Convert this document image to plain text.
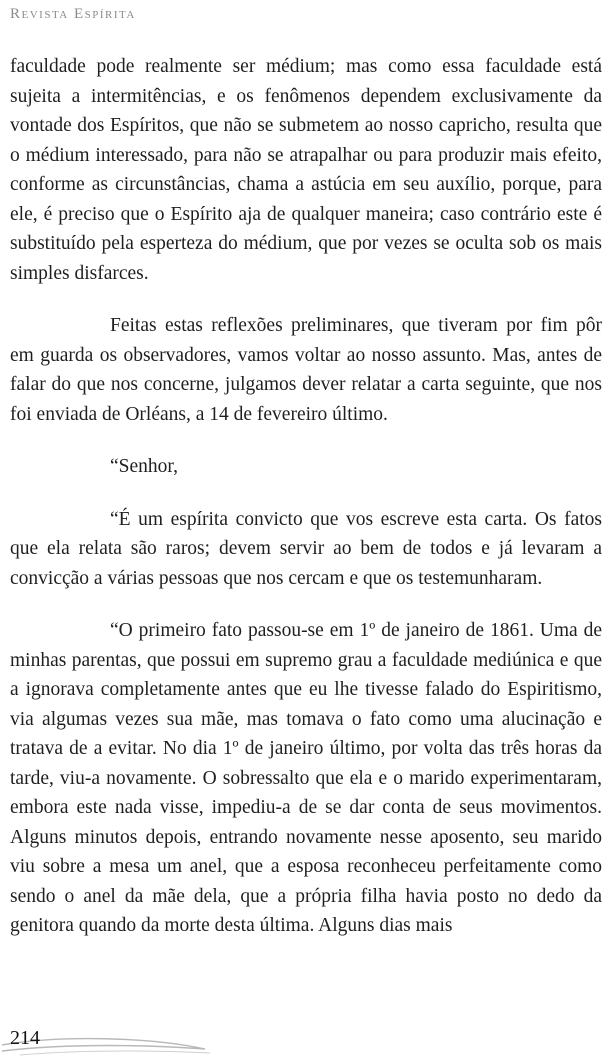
Revista Espírita

faculdade pode realmente ser médium; mas como essa faculdade está sujeita a intermitências, e os fenômenos dependem exclusivamente da vontade dos Espíritos, que não se submetem ao nosso capricho, resulta que o médium interessado, para não se atrapalhar ou para produzir mais efeito, conforme as circunstâncias, chama a astúcia em seu auxílio, porque, para ele, é preciso que o Espírito aja de qualquer maneira; caso contrário este é substituído pela esperteza do médium, que por vezes se oculta sob os mais simples disfarces.

Feitas estas reflexões preliminares, que tiveram por fim pôr em guarda os observadores, vamos voltar ao nosso assunto. Mas, antes de falar do que nos concerne, julgamos dever relatar a carta seguinte, que nos foi enviada de Orléans, a 14 de fevereiro último.

“Senhor,

“É um espírita convicto que vos escreve esta carta. Os fatos que ela relata são raros; devem servir ao bem de todos e já levaram a convicção a várias pessoas que nos cercam e que os testemunharam.

“O primeiro fato passou-se em 1º de janeiro de 1861. Uma de minhas parentas, que possui em supremo grau a faculdade mediúnica e que a ignorava completamente antes que eu lhe tivesse falado do Espiritismo, via algumas vezes sua mãe, mas tomava o fato como uma alucinação e tratava de a evitar. No dia 1º de janeiro último, por volta das três horas da tarde, viu-a novamente. O sobressalto que ela e o marido experimentaram, embora este nada visse, impediu-a de se dar conta de seus movimentos. Alguns minutos depois, entrando novamente nesse aposento, seu marido viu sobre a mesa um anel, que a esposa reconheceu perfeitamente como sendo o anel da mãe dela, que a própria filha havia posto no dedo da genitora quando da morte desta última. Alguns dias mais

214
